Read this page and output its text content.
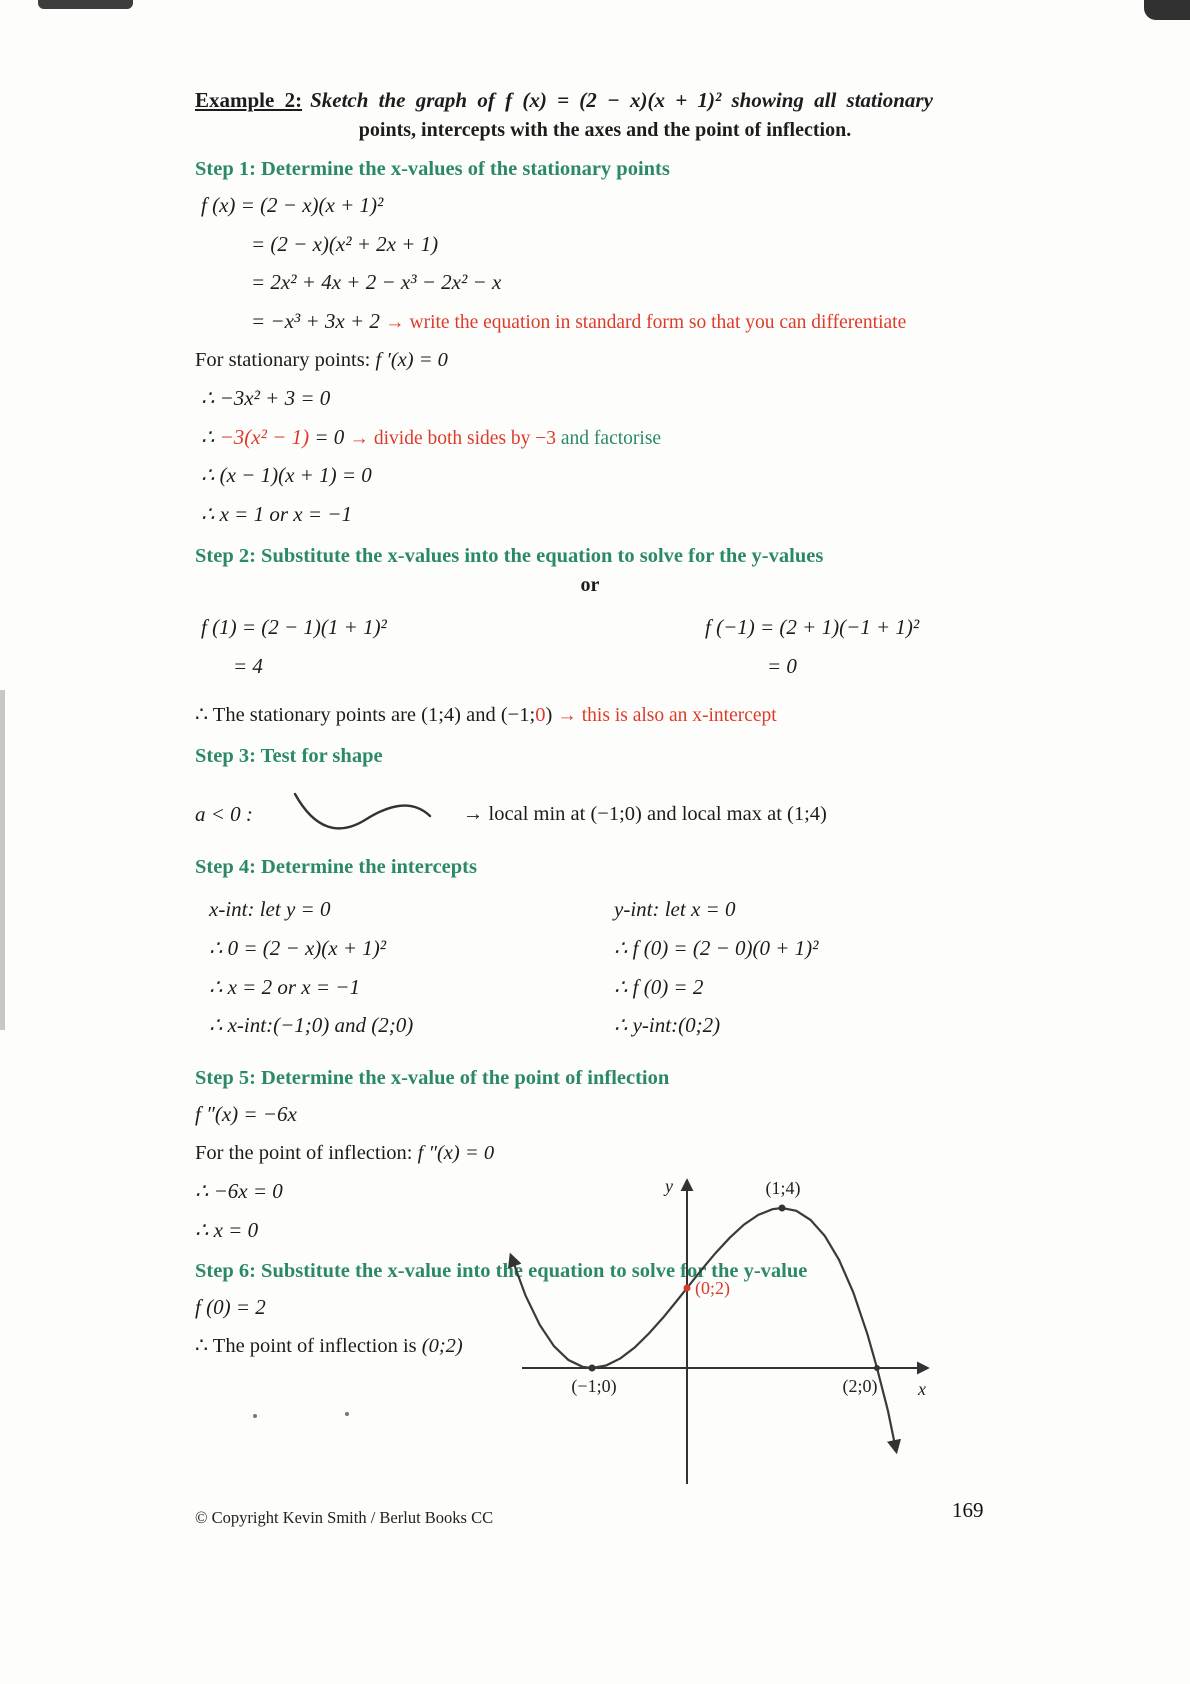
Example 2: Sketch the graph of f (x) = (2 − x)(x + 1)² showing all stationary
points, intercepts with the axes and the point of inflection.
Step 1: Determine the x-values of the stationary points
f (x) = (2 − x)(x + 1)²
= (2 − x)(x² + 2x + 1)
= 2x² + 4x + 2 − x³ − 2x² − x
= −x³ + 3x + 2 → write the equation in standard form so that you can differentiate
For stationary points: f ′(x) = 0
∴ −3x² + 3 = 0
∴ −3(x² − 1) = 0 → divide both sides by −3 and factorise
∴ (x − 1)(x + 1) = 0
∴ x = 1 or x = −1
Step 2: Substitute the x-values into the equation to solve for the y-values
or
f (1) = (2 − 1)(1 + 1)²
= 4
f (−1) = (2 + 1)(−1 + 1)²
= 0
∴ The stationary points are (1;4) and (−1;0) → this is also an x-intercept
Step 3: Test for shape
a < 0 :	→ local min at (−1;0) and local max at (1;4)
Step 4: Determine the intercepts
x-int: let y = 0
∴ 0 = (2 − x)(x + 1)²
∴ x = 2 or x = −1
∴ x-int:(−1;0) and (2;0)
y-int: let x = 0
∴ f (0) = (2 − 0)(0 + 1)²
∴ f (0) = 2
∴ y-int:(0;2)
Step 5: Determine the x-value of the point of inflection
f ″(x) = −6x
For the point of inflection: f ″(x) = 0
∴ −6x = 0
∴ x = 0
Step 6: Substitute the x-value into the equation to solve for the y-value
f (0) = 2
∴ The point of inflection is (0;2)
y
x
(1;4)
(0;2)
(−1;0)	(2;0)
© Copyright Kevin Smith / Berlut Books CC	169
